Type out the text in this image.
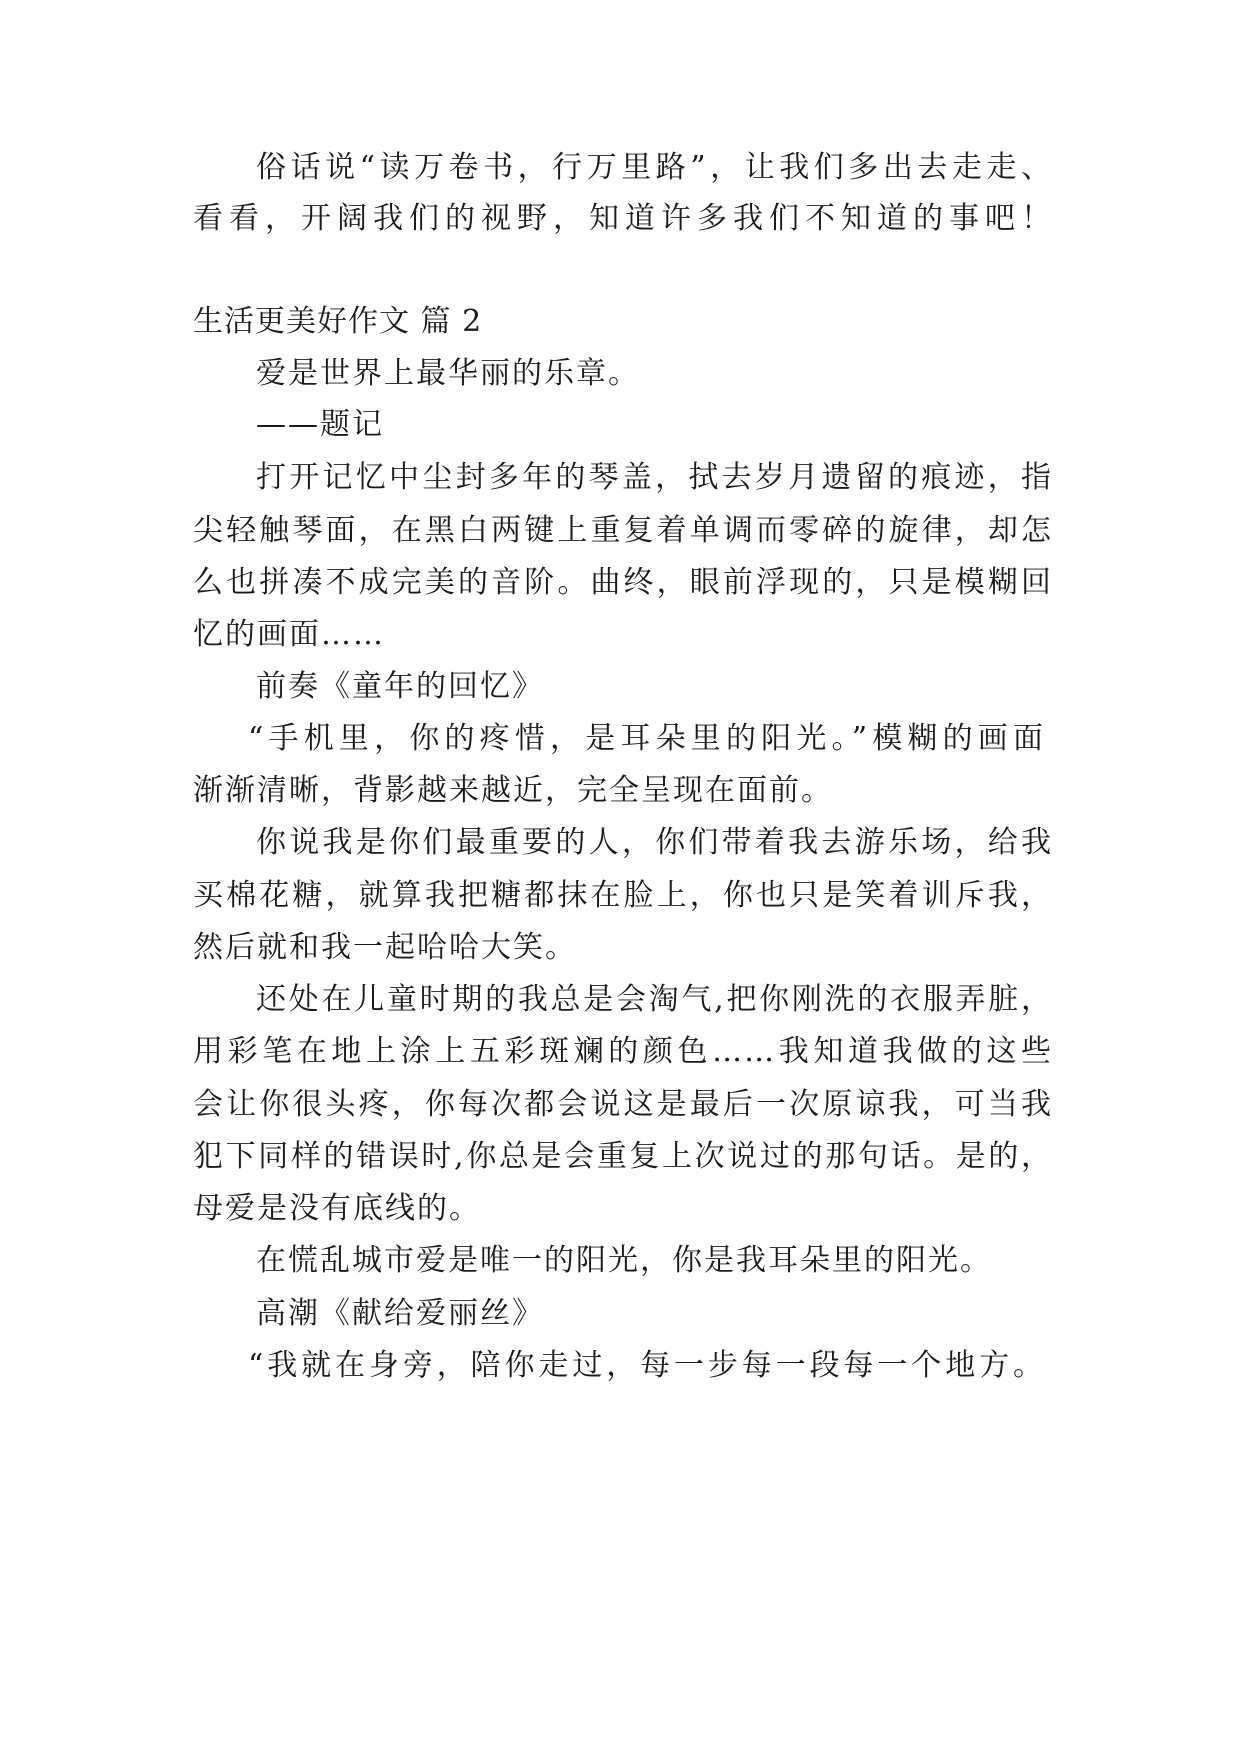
俗话说“读万卷书，行万里路”，让我们多出去走走、
看看，开阔我们的视野，知道许多我们不知道的事吧！
生活更美好作文 篇 2
爱是世界上最华丽的乐章。
——题记
打开记忆中尘封多年的琴盖，拭去岁月遗留的痕迹，指
尖轻触琴面，在黑白两键上重复着单调而零碎的旋律，却怎
么也拼凑不成完美的音阶。曲终，眼前浮现的，只是模糊回
忆的画面……
前奏《童年的回忆》
“手机里，你的疼惜，是耳朵里的阳光。”模糊的画面
渐渐清晰，背影越来越近，完全呈现在面前。
你说我是你们最重要的人，你们带着我去游乐场，给我
买棉花糖，就算我把糖都抹在脸上，你也只是笑着训斥我，
然后就和我一起哈哈大笑。
还处在儿童时期的我总是会淘气,把你刚洗的衣服弄脏，
用彩笔在地上涂上五彩斑斓的颜色……我知道我做的这些
会让你很头疼，你每次都会说这是最后一次原谅我，可当我
犯下同样的错误时,你总是会重复上次说过的那句话。是的，
母爱是没有底线的。
在慌乱城市爱是唯一的阳光，你是我耳朵里的阳光。
高潮《献给爱丽丝》
“我就在身旁，陪你走过，每一步每一段每一个地方。
